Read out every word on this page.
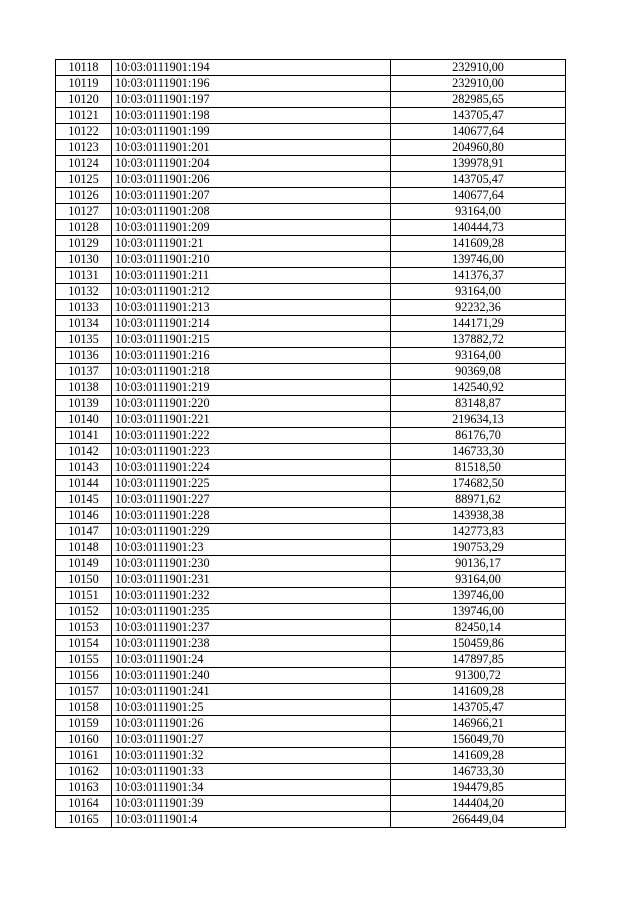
10118	10:03:0111901:194	232910,00
10119	10:03:0111901:196	232910,00
10120	10:03:0111901:197	282985,65
10121	10:03:0111901:198	143705,47
10122	10:03:0111901:199	140677,64
10123	10:03:0111901:201	204960,80
10124	10:03:0111901:204	139978,91
10125	10:03:0111901:206	143705,47
10126	10:03:0111901:207	140677,64
10127	10:03:0111901:208	93164,00
10128	10:03:0111901:209	140444,73
10129	10:03:0111901:21	141609,28
10130	10:03:0111901:210	139746,00
10131	10:03:0111901:211	141376,37
10132	10:03:0111901:212	93164,00
10133	10:03:0111901:213	92232,36
10134	10:03:0111901:214	144171,29
10135	10:03:0111901:215	137882,72
10136	10:03:0111901:216	93164,00
10137	10:03:0111901:218	90369,08
10138	10:03:0111901:219	142540,92
10139	10:03:0111901:220	83148,87
10140	10:03:0111901:221	219634,13
10141	10:03:0111901:222	86176,70
10142	10:03:0111901:223	146733,30
10143	10:03:0111901:224	81518,50
10144	10:03:0111901:225	174682,50
10145	10:03:0111901:227	88971,62
10146	10:03:0111901:228	143938,38
10147	10:03:0111901:229	142773,83
10148	10:03:0111901:23	190753,29
10149	10:03:0111901:230	90136,17
10150	10:03:0111901:231	93164,00
10151	10:03:0111901:232	139746,00
10152	10:03:0111901:235	139746,00
10153	10:03:0111901:237	82450,14
10154	10:03:0111901:238	150459,86
10155	10:03:0111901:24	147897,85
10156	10:03:0111901:240	91300,72
10157	10:03:0111901:241	141609,28
10158	10:03:0111901:25	143705,47
10159	10:03:0111901:26	146966,21
10160	10:03:0111901:27	156049,70
10161	10:03:0111901:32	141609,28
10162	10:03:0111901:33	146733,30
10163	10:03:0111901:34	194479,85
10164	10:03:0111901:39	144404,20
10165	10:03:0111901:4	266449,04
